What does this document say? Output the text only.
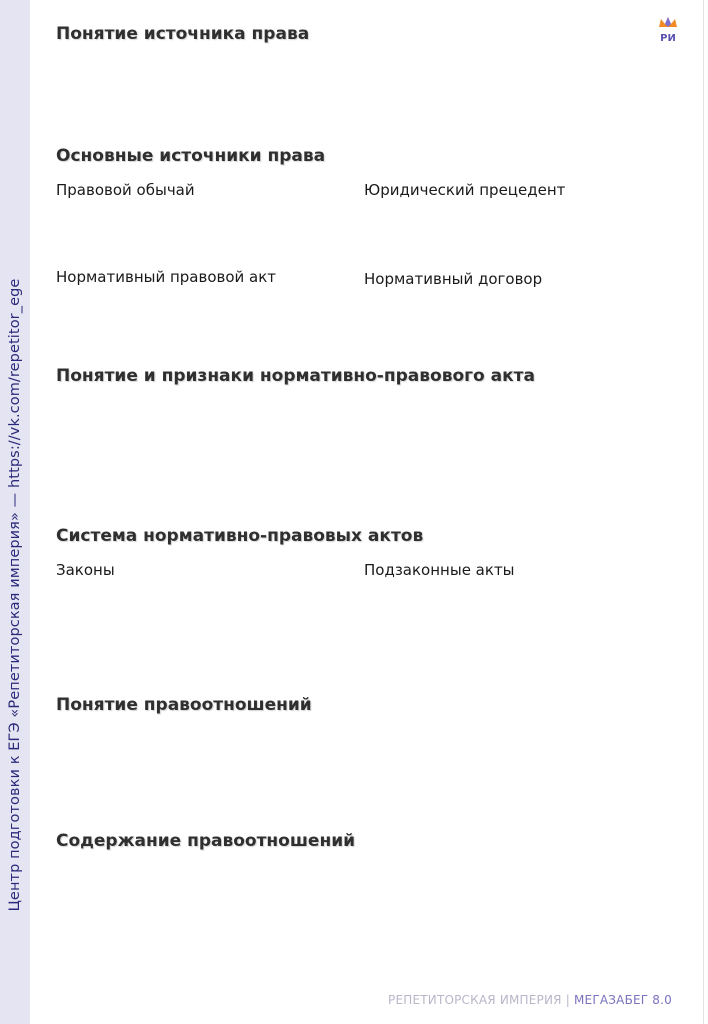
Центр подготовки к ЕГЭ «Репетиторская империя» — https://vk.com/repetitor_ege
РИ
Понятие источника права
Основные источники права
Правовой обычай	Юридический прецедент
Нормативный правовой акт	Нормативный договор
Понятие и признаки нормативно-правового акта
Система нормативно-правовых актов
Законы	Подзаконные акты
Понятие правоотношений
Содержание правоотношений
РЕПЕТИТОРСКАЯ ИМПЕРИЯ | МЕГАЗАБЕГ 8.0
